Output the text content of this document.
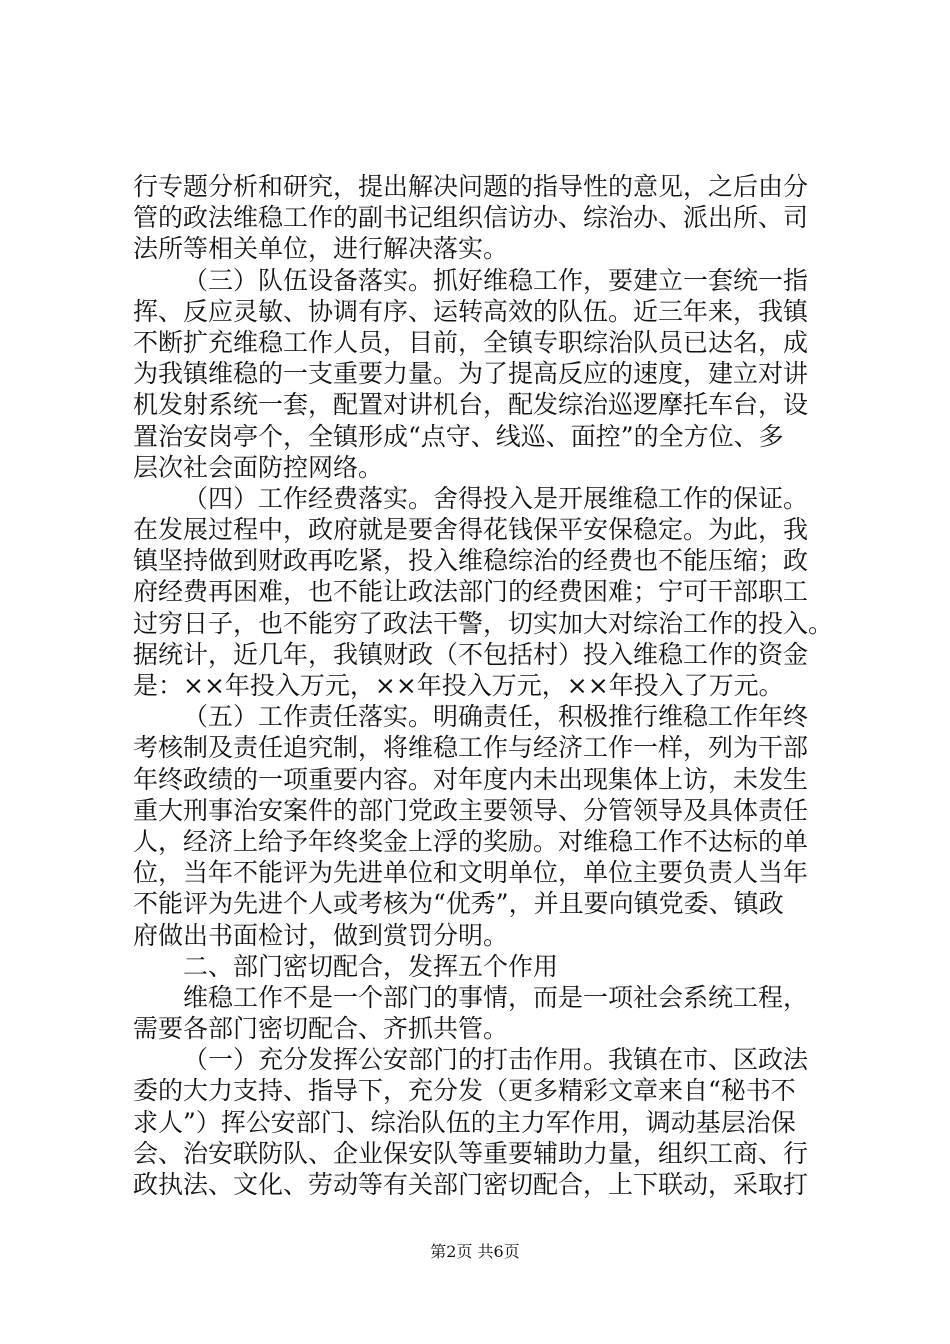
行专题分析和研究，提出解决问题的指导性的意见，之后由分
管的政法维稳工作的副书记组织信访办、综治办、派出所、司
法所等相关单位，进行解决落实。
（三）队伍设备落实。抓好维稳工作，要建立一套统一指
挥、反应灵敏、协调有序、运转高效的队伍。近三年来，我镇
不断扩充维稳工作人员，目前，全镇专职综治队员已达名，成
为我镇维稳的一支重要力量。为了提高反应的速度，建立对讲
机发射系统一套，配置对讲机台，配发综治巡逻摩托车台，设
置治安岗亭个，全镇形成“点守、线巡、面控”的全方位、多
层次社会面防控网络。
（四）工作经费落实。舍得投入是开展维稳工作的保证。
在发展过程中，政府就是要舍得花钱保平安保稳定。为此，我
镇坚持做到财政再吃紧，投入维稳综治的经费也不能压缩；政
府经费再困难，也不能让政法部门的经费困难；宁可干部职工
过穷日子，也不能穷了政法干警，切实加大对综治工作的投入。
据统计，近几年，我镇财政（不包括村）投入维稳工作的资金
是：××年投入万元，××年投入万元，××年投入了万元。
（五）工作责任落实。明确责任，积极推行维稳工作年终
考核制及责任追究制，将维稳工作与经济工作一样，列为干部
年终政绩的一项重要内容。对年度内未出现集体上访，未发生
重大刑事治安案件的部门党政主要领导、分管领导及具体责任
人，经济上给予年终奖金上浮的奖励。对维稳工作不达标的单
位，当年不能评为先进单位和文明单位，单位主要负责人当年
不能评为先进个人或考核为“优秀”，并且要向镇党委、镇政
府做出书面检讨，做到赏罚分明。
二、部门密切配合，发挥五个作用
维稳工作不是一个部门的事情，而是一项社会系统工程，
需要各部门密切配合、齐抓共管。
（一）充分发挥公安部门的打击作用。我镇在市、区政法
委的大力支持、指导下，充分发（更多精彩文章来自“秘书不
求人”）挥公安部门、综治队伍的主力军作用，调动基层治保
会、治安联防队、企业保安队等重要辅助力量，组织工商、行
政执法、文化、劳动等有关部门密切配合，上下联动，采取打
第2页 共6页
